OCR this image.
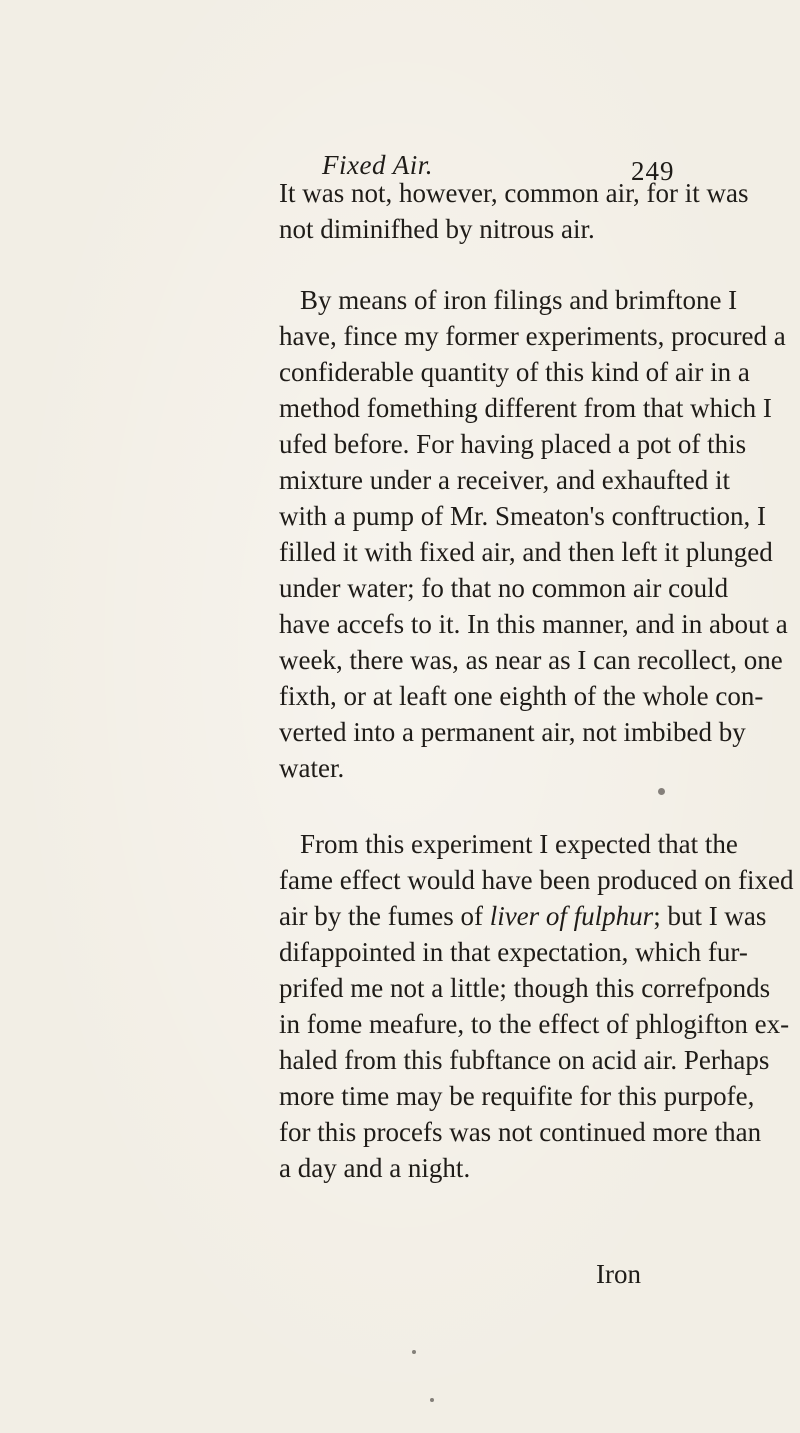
Fixed Air.	249
It was not, however, common air, for it was
not diminifhed by nitrous air.
By means of iron filings and brimftone I
have, fince my former experiments, procured a
confiderable quantity of this kind of air in a
method fomething different from that which I
ufed before. For having placed a pot of this
mixture under a receiver, and exhaufted it
with a pump of Mr. Smeaton's conftruction, I
filled it with fixed air, and then left it plunged
under water; fo that no common air could
have accefs to it. In this manner, and in about a
week, there was, as near as I can recollect, one
fixth, or at leaft one eighth of the whole con-
verted into a permanent air, not imbibed by
water.
From this experiment I expected that the
fame effect would have been produced on fixed
air by the fumes of liver of fulphur; but I was
difappointed in that expectation, which fur-
prifed me not a little; though this correfponds
in fome meafure, to the effect of phlogifton ex-
haled from this fubftance on acid air. Perhaps
more time may be requifite for this purpofe,
for this procefs was not continued more than
a day and a night.
Iron
